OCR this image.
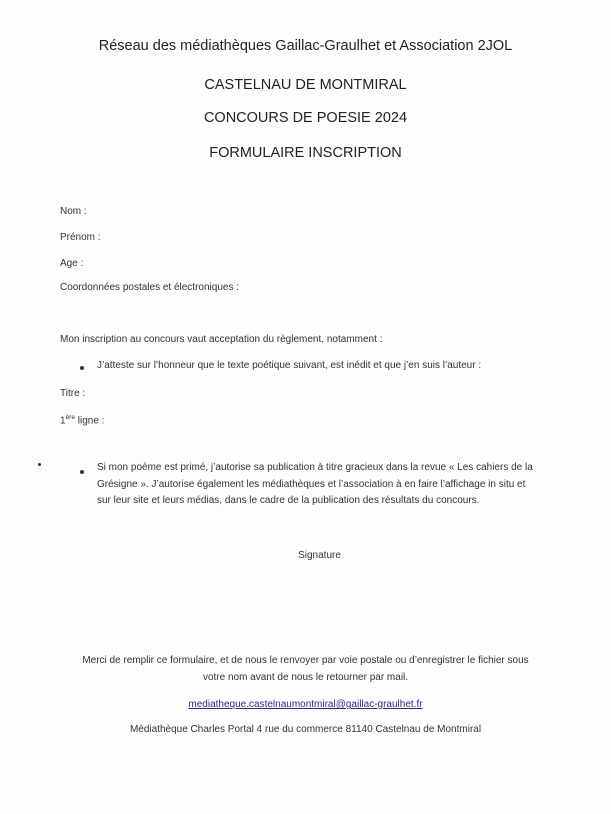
Réseau des médiathèques Gaillac-Graulhet et Association 2JOL
CASTELNAU DE MONTMIRAL
CONCOURS DE POESIE 2024
FORMULAIRE INSCRIPTION
Nom :
Prénom :
Age :
Coordonnées postales et électroniques :
Mon inscription au concours vaut acceptation du règlement, notamment :
J’atteste sur l’honneur que le texte poétique suivant, est inédit et que j’en suis l’auteur :
Titre :
1ère ligne :
Si mon poème est primé, j’autorise sa publication à titre gracieux dans la revue « Les cahiers de la
Grésigne ». J’autorise également les médiathèques et l’association à en faire l’affichage in situ et
sur leur site et leurs médias, dans le cadre de la publication des résultats du concours.
Signature
Merci de remplir ce formulaire, et de nous le renvoyer par voie postale ou d’enregistrer le fichier sous
votre nom avant de nous le retourner par mail.
mediatheque.castelnaumontmiral@gaillac-graulhet.fr
Médiathèque Charles Portal 4 rue du commerce 81140 Castelnau de Montmiral
